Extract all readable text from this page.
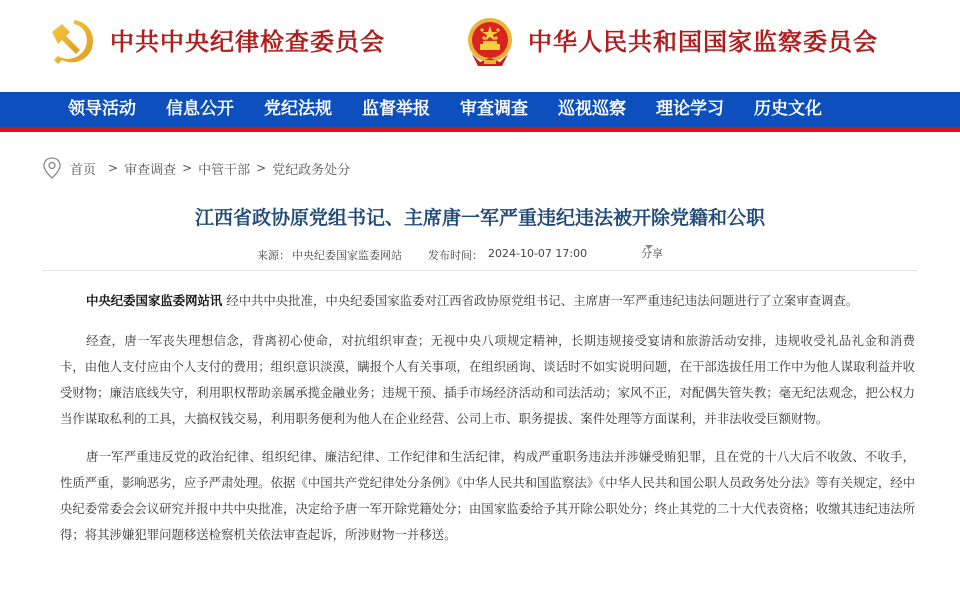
中共中央纪律检查委员会	中华人民共和国国家监察委员会
领导活动 信息公开 党纪法规 监督举报 审查调查 巡视巡察 理论学习 历史文化
首页 > 审查调查 > 中管干部 > 党纪政务处分
江西省政协原党组书记、主席唐一军严重违纪违法被开除党籍和公职
来源： 中央纪委国家监委网站 发布时间： 2024-10-07 17:00	分享

中央纪委国家监委网站讯 经中共中央批准，中央纪委国家监委对江西省政协原党组书记、主席唐一军严重违纪违法问题进行了立案审查调查。

经查，唐一军丧失理想信念，背离初心使命，对抗组织审查；无视中央八项规定精神，长期违规接受宴请和旅游活动安排，违规收受礼品礼金和消费卡，由他人支付应由个人支付的费用；组织意识淡漠，瞒报个人有关事项，在组织函询、谈话时不如实说明问题，在干部选拔任用工作中为他人谋取利益并收受财物；廉洁底线失守，利用职权帮助亲属承揽金融业务；违规干预、插手市场经济活动和司法活动；家风不正，对配偶失管失教；毫无纪法观念，把公权力当作谋取私利的工具，大搞权钱交易，利用职务便利为他人在企业经营、公司上市、职务提拔、案件处理等方面谋利，并非法收受巨额财物。

唐一军严重违反党的政治纪律、组织纪律、廉洁纪律、工作纪律和生活纪律，构成严重职务违法并涉嫌受贿犯罪，且在党的十八大后不收敛、不收手，性质严重，影响恶劣，应予严肃处理。依据《中国共产党纪律处分条例》《中华人民共和国监察法》《中华人民共和国公职人员政务处分法》等有关规定，经中央纪委常委会会议研究并报中共中央批准，决定给予唐一军开除党籍处分；由国家监委给予其开除公职处分；终止其党的二十大代表资格；收缴其违纪违法所得；将其涉嫌犯罪问题移送检察机关依法审查起诉，所涉财物一并移送。
